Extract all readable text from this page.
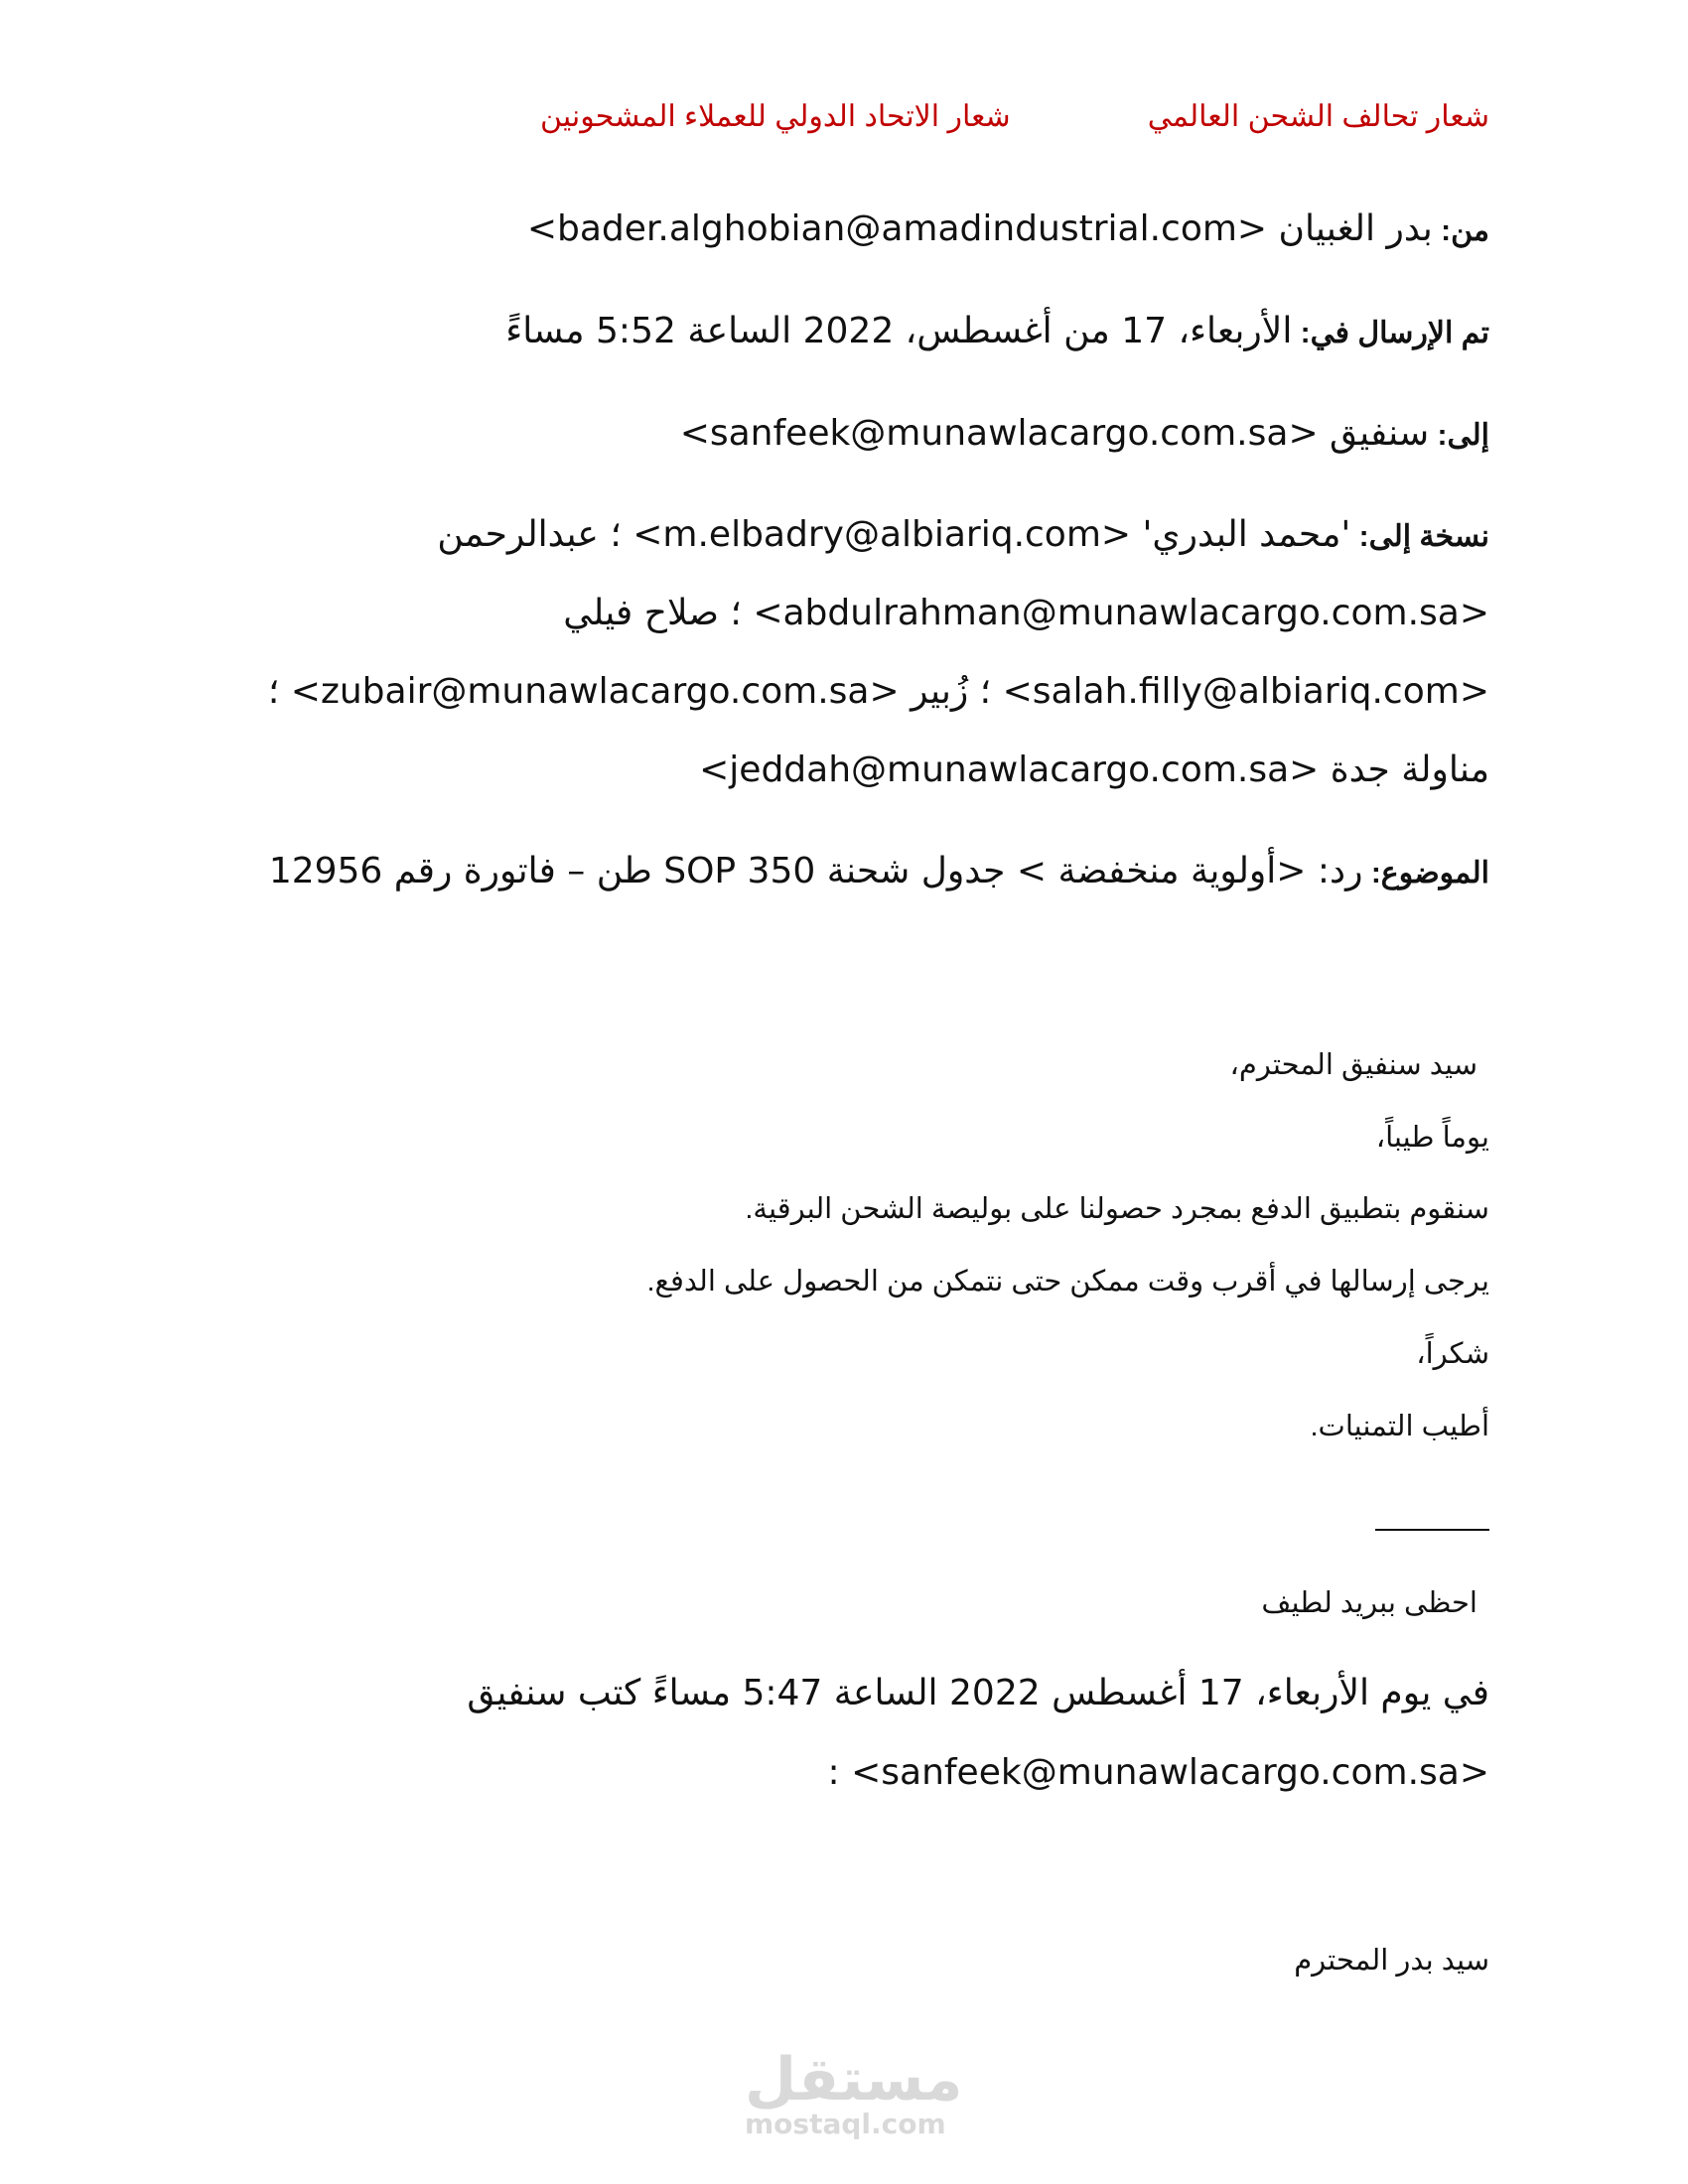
شعار تحالف الشحن العالميشعار الاتحاد الدولي للعملاء المشحونين
من: بدر الغبيان <bader.alghobian@amadindustrial.com>
تم الإرسال في: الأربعاء، 17 من أغسطس، 2022 الساعة 5:52 مساءً
إلى: سنفيق <sanfeek@munawlacargo.com.sa>
نسخة إلى: 'محمد البدري' <m.elbadry@albiariq.com> ؛ عبدالرحمن
<abdulrahman@munawlacargo.com.sa> ؛ صلاح فيلي
<salah.filly@albiariq.com> ؛ زُبير <zubair@munawlacargo.com.sa> ؛
مناولة جدة <jeddah@munawlacargo.com.sa>
الموضوع: رد: <أولوية منخفضة > جدول شحنة SOP 350 طن – فاتورة رقم 12956
سيد سنفيق المحترم،
يوماً طيباً،
سنقوم بتطبيق الدفع بمجرد حصولنا على بوليصة الشحن البرقية.
يرجى إرسالها في أقرب وقت ممكن حتى نتمكن من الحصول على الدفع.
شكراً،
أطيب التمنيات.
احظى ببريد لطيف
في يوم الأربعاء، 17 أغسطس 2022 الساعة 5:47 مساءً كتب سنفيق
<sanfeek@munawlacargo.com.sa> :
سيد بدر المحترم
مستقل
mostaql.com
